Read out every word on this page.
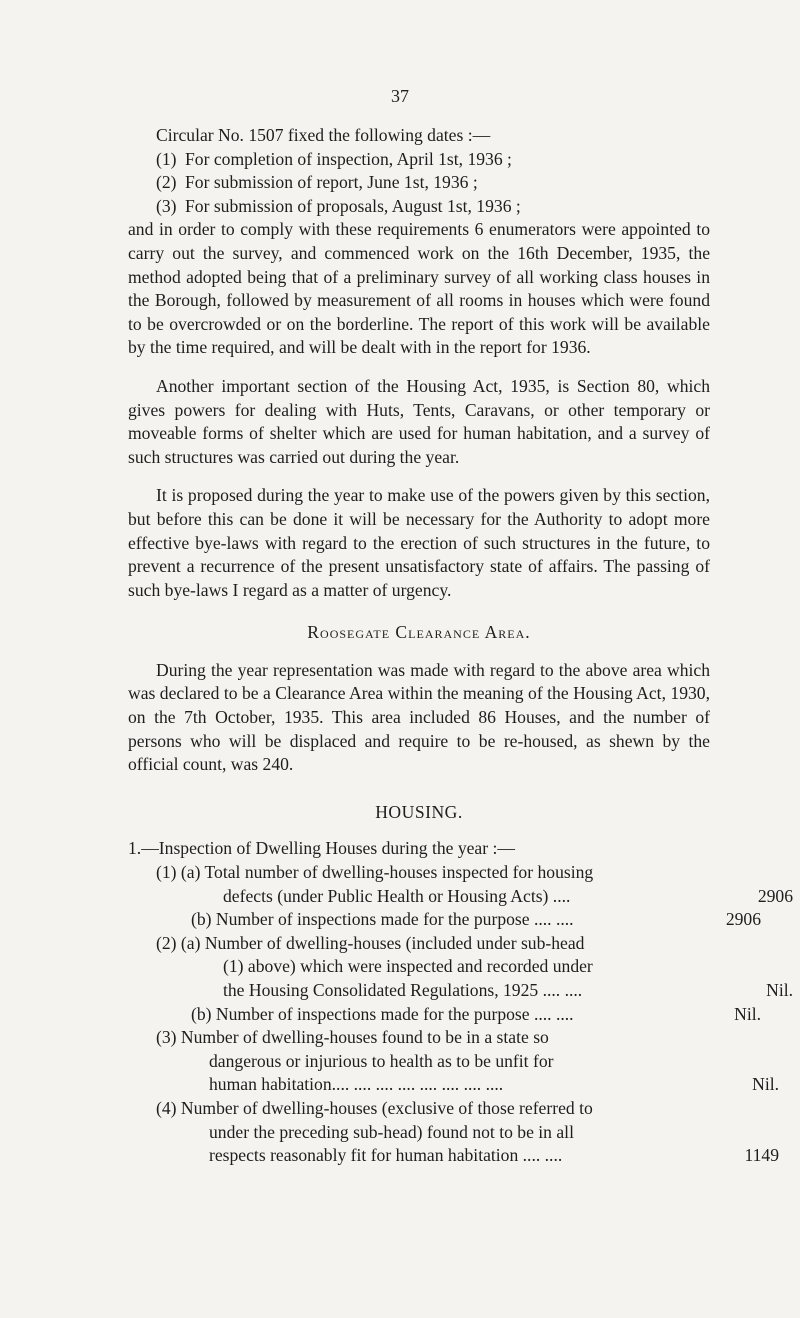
37

Circular No. 1507 fixed the following dates :—

(1) For completion of inspection, April 1st, 1936 ;
(2) For submission of report, June 1st, 1936 ;
(3) For submission of proposals, August 1st, 1936 ;

and in order to comply with these requirements 6 enumerators were appointed to carry out the survey, and commenced work on the 16th December, 1935, the method adopted being that of a preliminary survey of all working class houses in the Borough, followed by measurement of all rooms in houses which were found to be overcrowded or on the borderline. The report of this work will be available by the time required, and will be dealt with in the report for 1936.

Another important section of the Housing Act, 1935, is Section 80, which gives powers for dealing with Huts, Tents, Caravans, or other temporary or moveable forms of shelter which are used for human habitation, and a survey of such structures was carried out during the year.

It is proposed during the year to make use of the powers given by this section, but before this can be done it will be necessary for the Authority to adopt more effective bye-laws with regard to the erection of such structures in the future, to prevent a recurrence of the present unsatisfactory state of affairs. The passing of such bye-laws I regard as a matter of urgency.

Roosegate Clearance Area.

During the year representation was made with regard to the above area which was declared to be a Clearance Area within the meaning of the Housing Act, 1930, on the 7th October, 1935. This area included 86 Houses, and the number of persons who will be displaced and require to be re-housed, as shewn by the official count, was 240.

HOUSING.
1.—Inspection of Dwelling Houses during the year :—
(1) (a) Total number of dwelling-houses inspected for housing
defects (under Public Health or Housing Acts) ....	2906
(b) Number of inspections made for the purpose .... ....	2906
(2) (a) Number of dwelling-houses (included under sub-head
(1) above) which were inspected and recorded under
the Housing Consolidated Regulations, 1925 .... ....	Nil.
(b) Number of inspections made for the purpose .... ....	Nil.
(3) Number of dwelling-houses found to be in a state so
dangerous or injurious to health as to be unfit for
human habitation.... .... .... .... .... .... .... ....	Nil.
(4) Number of dwelling-houses (exclusive of those referred to
under the preceding sub-head) found not to be in all
respects reasonably fit for human habitation .... ....	1149
